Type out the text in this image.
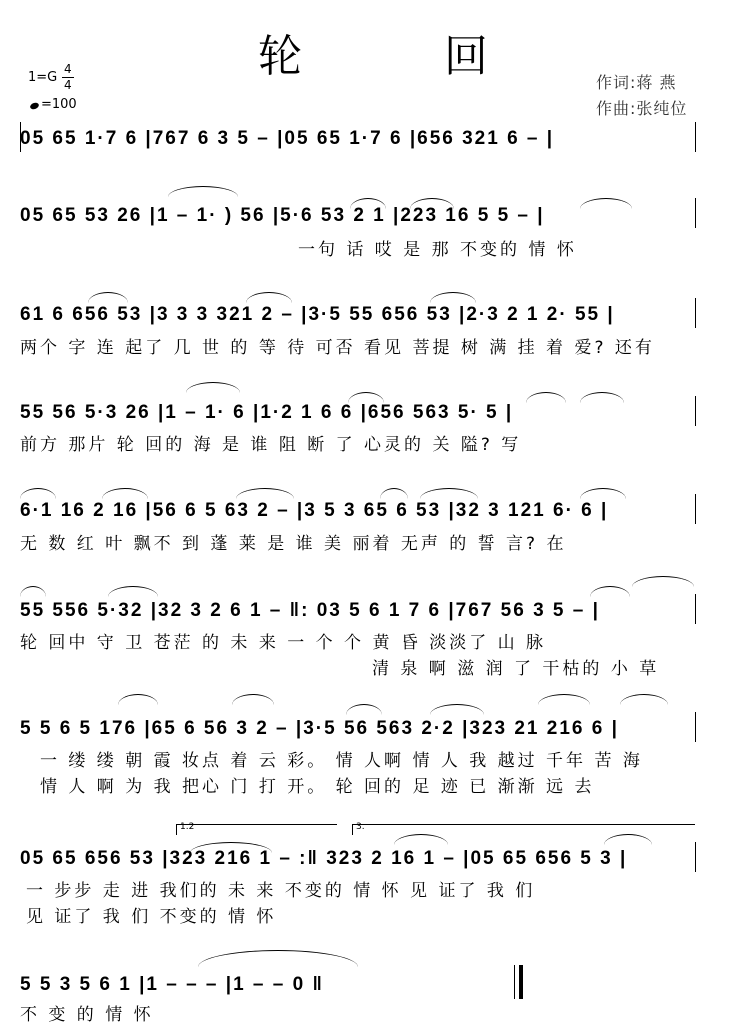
轮 回
1=G
4
4
=100
作词:蒋 燕
作曲:张纯位
05 65 1·7 6 |767 6 3 5 – |05 65 1·7 6 |656 321 6 – |
05 65 53 26 |1 – 1· ) 56 |5·6 53 2 1 |223 16 5 5 – |
一句 话 哎 是 那 不变的 情 怀
61 6 656 53 |3 3 3 321 2 – |3·5 55 656 53 |2·3 2 1 2· 55 |
两个 字 连 起了 几 世 的 等 待 可否 看见 菩提 树 满 挂 着 爱? 还有
55 56 5·3 26 |1 – 1· 6 |1·2 1 6 6 |656 563 5· 5 |
前方 那片 轮 回的 海 是 谁 阻 断 了 心灵的 关 隘? 写
6·1 16 2 16 |56 6 5 63 2 – |3 5 3 65 6 53 |32 3 121 6· 6 |
无 数 红 叶 飘不 到 蓬 莱 是 谁 美 丽着 无声 的 誓 言? 在
55 556 5·32 |32 3 2 6 1 – ‖: 03 5 6 1 7 6 |767 56 3 5 – |
轮 回中 守 卫 苍茫 的 未 来 一 个 个 黄 昏 淡淡了 山 脉
清 泉 啊 滋 润 了 干枯的 小 草
5 5 6 5 176 |65 6 56 3 2 – |3·5 56 563 2·2 |323 21 216 6 |
一 缕 缕 朝 霞 妆点 着 云 彩。 情 人啊 情 人 我 越过 千年 苦 海
情 人 啊 为 我 把心 门 打 开。 轮 回的 足 迹 已 渐渐 远 去
1.2	3.
05 65 656 53 |323 216 1 – :‖ 323 2 16 1 – |05 65 656 5 3 |
一 步步 走 进 我们的 未 来 不变的 情 怀 见 证了 我 们
见 证了 我 们 不变的 情 怀
5 5 3 5 6 1 |1 – – – |1 – – 0 ‖
不 变 的 情 怀
